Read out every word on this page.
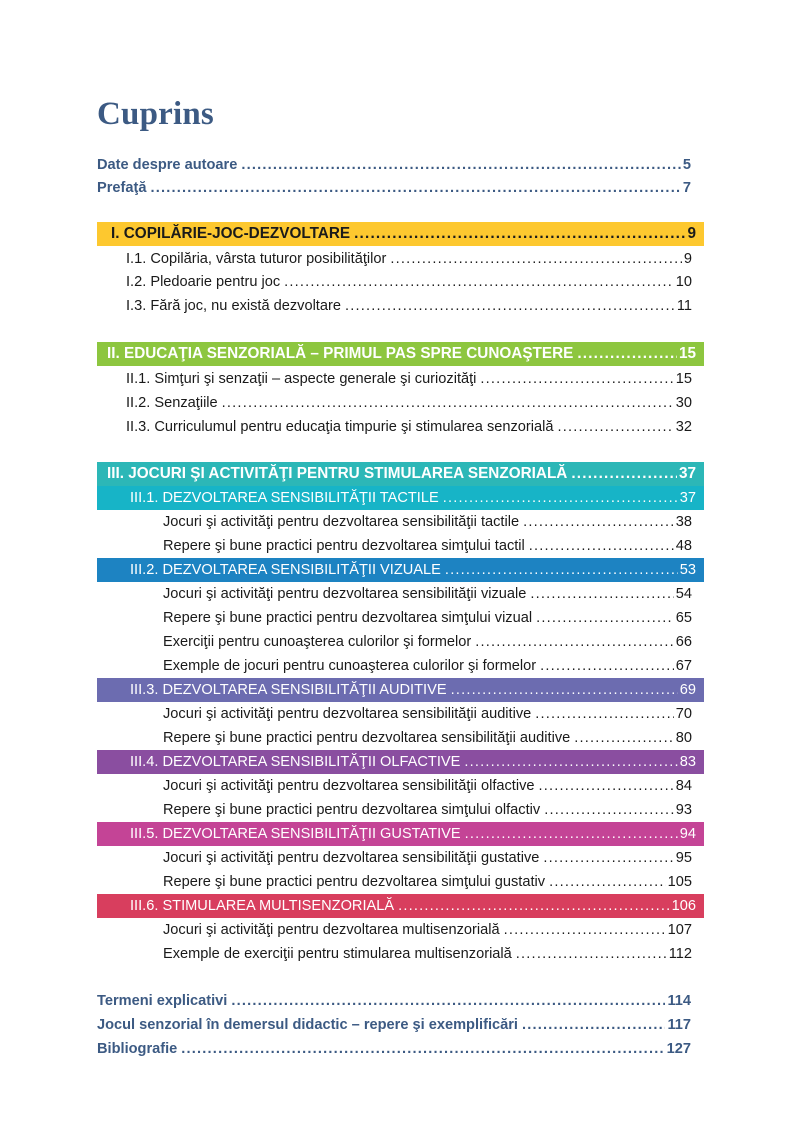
Cuprins
Date despre autoare .....	5
Prefaţă .....	7
I. COPILĂRIE-JOC-DEZVOLTARE .....	9
I.1. Copilăria, vârsta tuturor posibilităţilor .....	9
I.2. Pledoarie pentru joc .....	10
I.3. Fără joc, nu există dezvoltare .....	11
II. EDUCAŢIA SENZORIALĂ – PRIMUL PAS SPRE CUNOAŞTERE .....	15
II.1. Simţuri şi senzaţii – aspecte generale şi curiozităţi .....	15
II.2. Senzaţiile .....	30
II.3. Curriculumul pentru educaţia timpurie şi stimularea senzorială .....	32
III. JOCURI ŞI ACTIVITĂŢI PENTRU STIMULAREA SENZORIALĂ .....	37
III.1. DEZVOLTAREA SENSIBILITĂŢII TACTILE .....	37
Jocuri şi activităţi pentru dezvoltarea sensibilităţii tactile .....	38
Repere şi bune practici pentru dezvoltarea simţului tactil .....	48
III.2. DEZVOLTAREA SENSIBILITĂŢII VIZUALE .....	53
Jocuri şi activităţi pentru dezvoltarea sensibilităţii vizuale .....	54
Repere şi bune practici pentru dezvoltarea simţului vizual .....	65
Exerciţii pentru cunoaşterea culorilor şi formelor .....	66
Exemple de jocuri pentru cunoaşterea culorilor şi formelor .....	67
III.3. DEZVOLTAREA SENSIBILITĂŢII AUDITIVE .....	69
Jocuri şi activităţi pentru dezvoltarea sensibilităţii auditive .....	70
Repere şi bune practici pentru dezvoltarea sensibilităţii auditive .....	80
III.4. DEZVOLTAREA SENSIBILITĂŢII OLFACTIVE .....	83
Jocuri şi activităţi pentru dezvoltarea sensibilităţii olfactive .....	84
Repere şi bune practici pentru dezvoltarea simţului olfactiv .....	93
III.5. DEZVOLTAREA SENSIBILITĂŢII GUSTATIVE .....	94
Jocuri şi activităţi pentru dezvoltarea sensibilităţii gustative .....	95
Repere şi bune practici pentru dezvoltarea simţului gustativ .....	105
III.6. STIMULAREA MULTISENZORIALĂ .....	106
Jocuri şi activităţi pentru dezvoltarea multisenzorială .....	107
Exemple de exerciţii pentru stimularea multisenzorială .....	112
Termeni explicativi .....	114
Jocul senzorial în demersul didactic – repere şi exemplificări .....	117
Bibliografie .....	127
